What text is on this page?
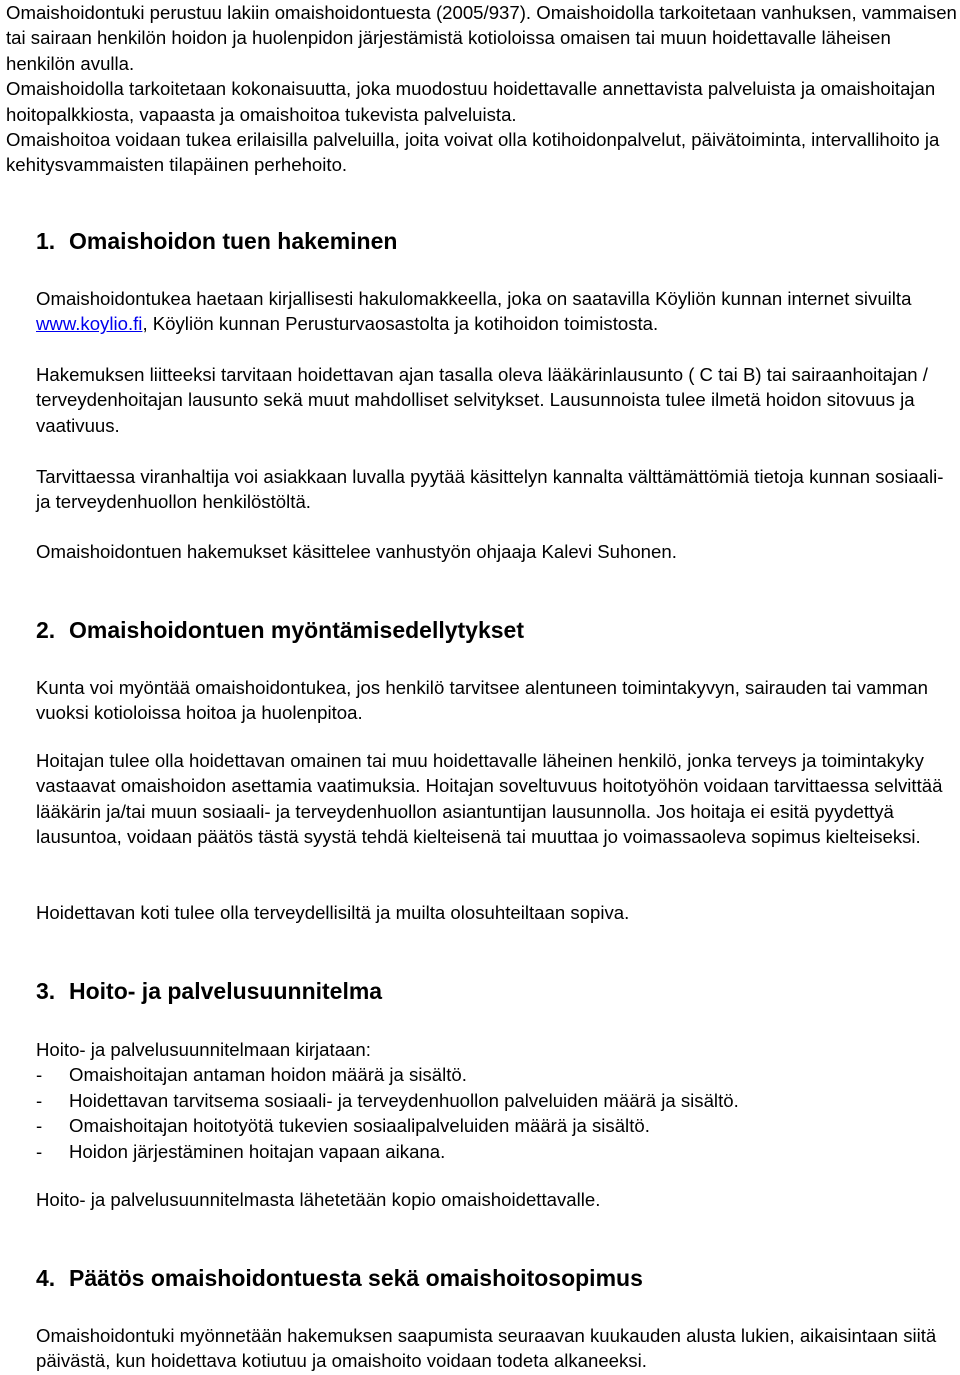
Omaishoidontuki perustuu lakiin omaishoidontuesta (2005/937). Omaishoidolla tarkoitetaan vanhuksen, vammaisen tai sairaan henkilön hoidon ja huolenpidon järjestämistä kotioloissa omaisen tai muun hoidettavalle läheisen henkilön avulla.

Omaishoidolla tarkoitetaan kokonaisuutta, joka muodostuu hoidettavalle annettavista palveluista ja omaishoitajan hoitopalkkiosta, vapaasta ja omaishoitoa tukevista palveluista.

Omaishoitoa voidaan tukea erilaisilla palveluilla, joita voivat olla kotihoidonpalvelut, päivätoiminta, intervallihoito ja kehitysvammaisten tilapäinen perhehoito.

1. Omaishoidon tuen hakeminen

Omaishoidontukea haetaan kirjallisesti hakulomakkeella, joka on saatavilla Köyliön kunnan internet sivuilta www.koylio.fi, Köyliön kunnan Perusturvaosastolta ja kotihoidon toimistosta.

Hakemuksen liitteeksi tarvitaan hoidettavan ajan tasalla oleva lääkärinlausunto ( C tai B) tai sairaanhoitajan / terveydenhoitajan lausunto sekä muut mahdolliset selvitykset. Lausunnoista tulee ilmetä hoidon sitovuus ja vaativuus.

Tarvittaessa viranhaltija voi asiakkaan luvalla pyytää käsittelyn kannalta välttämättömiä tietoja kunnan sosiaali- ja terveydenhuollon henkilöstöltä.

Omaishoidontuen hakemukset käsittelee vanhustyön ohjaaja Kalevi Suhonen.

2. Omaishoidontuen myöntämisedellytykset

Kunta voi myöntää omaishoidontukea, jos henkilö tarvitsee alentuneen toimintakyvyn, sairauden tai vamman vuoksi kotioloissa hoitoa ja huolenpitoa.

Hoitajan tulee olla hoidettavan omainen tai muu hoidettavalle läheinen henkilö, jonka terveys ja toimintakyky vastaavat omaishoidon asettamia vaatimuksia. Hoitajan soveltuvuus hoitotyöhön voidaan tarvittaessa selvittää lääkärin ja/tai muun sosiaali- ja terveydenhuollon asiantuntijan lausunnolla. Jos hoitaja ei esitä pyydettyä lausuntoa, voidaan päätös tästä syystä tehdä kielteisenä tai muuttaa jo voimassaoleva sopimus kielteiseksi.

Hoidettavan koti tulee olla terveydellisiltä ja muilta olosuhteiltaan sopiva.

3. Hoito- ja palvelusuunnitelma

Hoito- ja palvelusuunnitelmaan kirjataan:

- Omaishoitajan antaman hoidon määrä ja sisältö.
- Hoidettavan tarvitsema sosiaali- ja terveydenhuollon palveluiden määrä ja sisältö.
- Omaishoitajan hoitotyötä tukevien sosiaalipalveluiden määrä ja sisältö.
- Hoidon järjestäminen hoitajan vapaan aikana.

Hoito- ja palvelusuunnitelmasta lähetetään kopio omaishoidettavalle.

4. Päätös omaishoidontuesta sekä omaishoitosopimus

Omaishoidontuki myönnetään hakemuksen saapumista seuraavan kuukauden alusta lukien, aikaisintaan siitä päivästä, kun hoidettava kotiutuu ja omaishoito voidaan todeta alkaneeksi.
